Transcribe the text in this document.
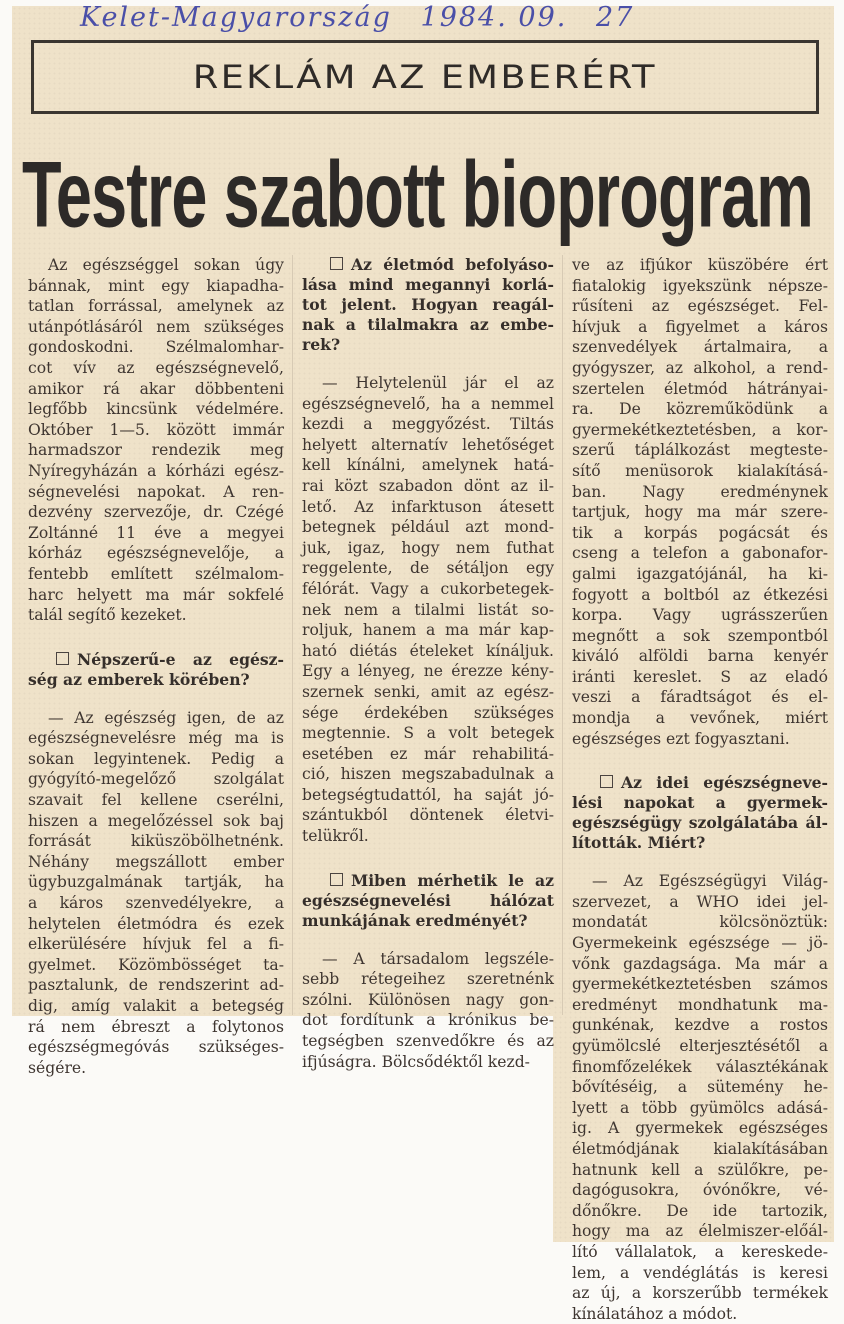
Kelet-Magyarország 1984. 09. 27
REKLÁM AZ EMBERÉRT
Testre szabott bioprogram
Az egészséggel sokan úgy
bánnak, mint egy kiapadha-
tatlan forrással, amelynek az
utánpótlásáról nem szükséges
gondoskodni. Szélmalomhar-
cot vív az egészségnevelő,
amikor rá akar döbbenteni
legfőbb kincsünk védelmére.
Október 1—5. között immár
harmadszor rendezik meg
Nyíregyházán a kórházi egész-
ségnevelési napokat. A ren-
dezvény szervezője, dr. Czégé
Zoltánné 11 éve a megyei
kórház egészségnevelője, a
fentebb említett szélmalom-
harc helyett ma már sokfelé
talál segítő kezeket.
Népszerű-e az egész-
ség az emberek körében?
— Az egészség igen, de az
egészségnevelésre még ma is
sokan legyintenek. Pedig a
gyógyító-megelőző szolgálat
szavait fel kellene cserélni,
hiszen a megelőzéssel sok baj
forrását kiküszöbölhetnénk.
Néhány megszállott ember
ügybuzgalmának tartják, ha
a káros szenvedélyekre, a
helytelen életmódra és ezek
elkerülésére hívjuk fel a fi-
gyelmet. Közömbösséget ta-
pasztalunk, de rendszerint ad-
dig, amíg valakit a betegség
rá nem ébreszt a folytonos
egészségmegóvás szükséges-
ségére.
Az életmód befolyáso-
lása mind megannyi korlá-
tot jelent. Hogyan reagál-
nak a tilalmakra az embe-
rek?
— Helytelenül jár el az
egészségnevelő, ha a nemmel
kezdi a meggyőzést. Tiltás
helyett alternatív lehetőséget
kell kínálni, amelynek hatá-
rai közt szabadon dönt az il-
lető. Az infarktuson átesett
betegnek például azt mond-
juk, igaz, hogy nem futhat
reggelente, de sétáljon egy
félórát. Vagy a cukorbetegek-
nek nem a tilalmi listát so-
roljuk, hanem a ma már kap-
ható diétás ételeket kínáljuk.
Egy a lényeg, ne érezze kény-
szernek senki, amit az egész-
sége érdekében szükséges
megtennie. S a volt betegek
esetében ez már rehabilitá-
ció, hiszen megszabadulnak a
betegségtudattól, ha saját jó-
szántukból döntenek életvi-
telükről.
Miben mérhetik le az
egészségnevelési hálózat
munkájának eredményét?
— A társadalom legszéle-
sebb rétegeihez szeretnénk
szólni. Különösen nagy gon-
dot fordítunk a krónikus be-
tegségben szenvedőkre és az
ifjúságra. Bölcsődéktől kezd-
ve az ifjúkor küszöbére ért
fiatalokig igyekszünk népsze-
rűsíteni az egészséget. Fel-
hívjuk a figyelmet a káros
szenvedélyek ártalmaira, a
gyógyszer, az alkohol, a rend-
szertelen életmód hátrányai-
ra. De közreműködünk a
gyermekétkeztetésben, a kor-
szerű táplálkozást megteste-
sítő menüsorok kialakításá-
ban. Nagy eredménynek
tartjuk, hogy ma már szere-
tik a korpás pogácsát és
cseng a telefon a gabonafor-
galmi igazgatójánál, ha ki-
fogyott a boltból az étkezési
korpa. Vagy ugrásszerűen
megnőtt a sok szempontból
kiváló alföldi barna kenyér
iránti kereslet. S az eladó
veszi a fáradtságot és el-
mondja a vevőnek, miért
egészséges ezt fogyasztani.
Az idei egészségneve-
lési napokat a gyermek-
egészségügy szolgálatába ál-
lították. Miért?
— Az Egészségügyi Világ-
szervezet, a WHO idei jel-
mondatát kölcsönöztük:
Gyermekeink egészsége — jö-
vőnk gazdagsága. Ma már a
gyermekétkeztetésben számos
eredményt mondhatunk ma-
gunkénak, kezdve a rostos
gyümölcslé elterjesztésétől a
finomfőzelékek választékának
bővítéséig, a sütemény he-
lyett a több gyümölcs adásá-
ig. A gyermekek egészséges
életmódjának kialakításában
hatnunk kell a szülőkre, pe-
dagógusokra, óvónőkre, vé-
dőnőkre. De ide tartozik,
hogy ma az élelmiszer-előál-
lító vállalatok, a kereskede-
lem, a vendéglátás is keresi
az új, a korszerűbb termékek
kínálatához a módot.
